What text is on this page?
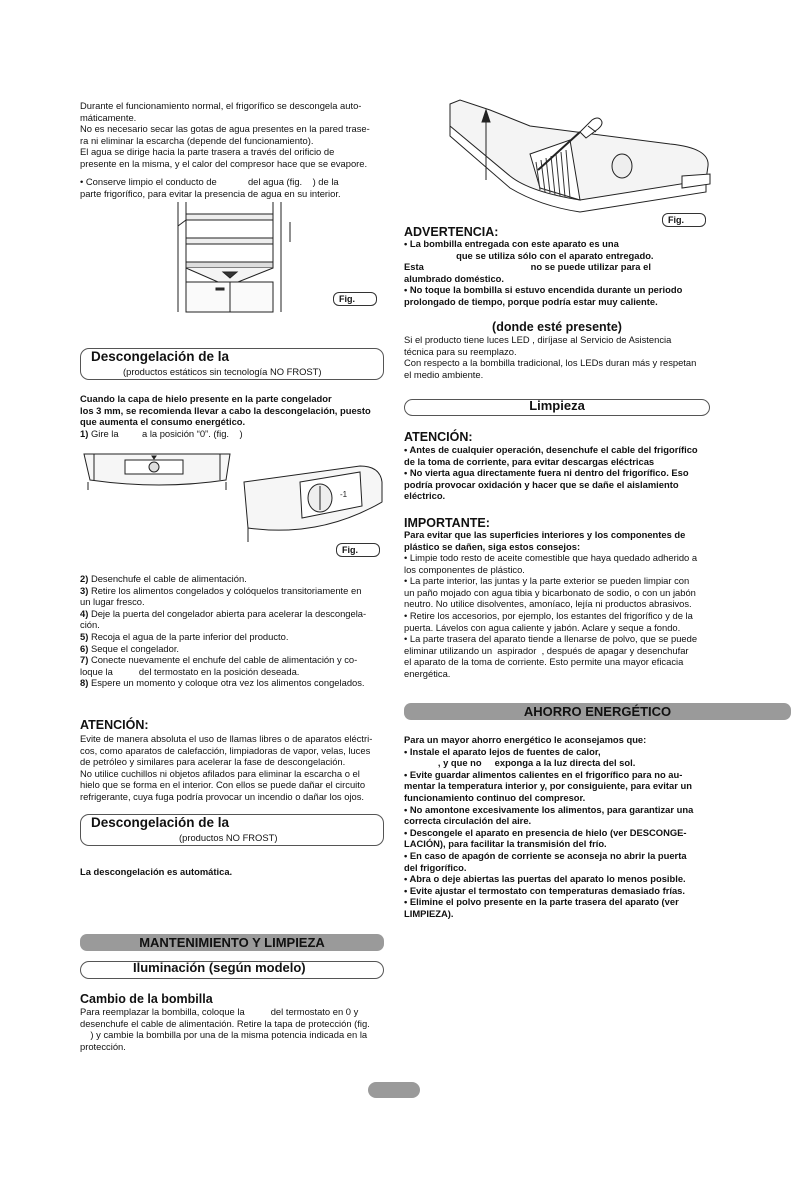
Durante el funcionamiento normal, el frigorífico se descongela auto-

máticamente.

No es necesario secar las gotas de agua presentes en la pared trase-

ra ni eliminar la escarcha (depende del funcionamiento).

El agua se dirige hacia la parte trasera a través del orificio de

presente en la misma, y el calor del compresor hace que se evapore.

• Conserve limpio el conducto de            del agua (fig.    ) de la

parte frigorífico, para evitar la presencia de agua en su interior.

Fig.
Descongelación de la
(productos estáticos sin tecnología NO FROST)

Cuando la capa de hielo presente en la parte congelador

los 3 mm, se recomienda llevar a cabo la descongelación, puesto

que aumenta el consumo energético.

1) Gire la         a la posición “0”. (fig.    )

-1
Fig.

2) Desenchufe el cable de alimentación.

3) Retire los alimentos congelados y colóquelos transitoriamente en

un lugar fresco.

4) Deje la puerta del congelador abierta para acelerar la descongela-

ción.

5) Recoja el agua de la parte inferior del producto.

6) Seque el congelador.

7) Conecte nuevamente el enchufe del cable de alimentación y co-

loque la          del termostato en la posición deseada.

8) Espere un momento y coloque otra vez los alimentos congelados.

ATENCIÓN:

Evite de manera absoluta el uso de llamas libres o de aparatos eléctri-

cos, como aparatos de calefacción, limpiadoras de vapor, velas, luces

de petróleo y similares para acelerar la fase de descongelación.

No utilice cuchillos ni objetos afilados para eliminar la escarcha o el

hielo que se forma en el interior. Con ellos se puede dañar el circuito

refrigerante, cuya fuga podría provocar un incendio o dañar los ojos.

Descongelación de la
(productos NO FROST)
La descongelación es automática.
MANTENIMIENTO Y LIMPIEZA
Iluminación (según modelo)
Cambio de la bombilla

Para reemplazar la bombilla, coloque la          del termostato en 0 y

desenchufe el cable de alimentación. Retire la tapa de protección (fig.

) y cambie la bombilla por una de la misma potencia indicada en la

protección.

Fig.
ADVERTENCIA:

• La bombilla entregada con este aparato es una

que se utiliza sólo con el aparato entregado.

Esta                                         no se puede utilizar para el

alumbrado doméstico.

• No toque la bombilla si estuvo encendida durante un periodo

prolongado de tiempo, porque podría estar muy caliente.

(donde esté presente)

Si el producto tiene luces LED , diríjase al Servicio de Asistencia

técnica para su reemplazo.

Con respecto a la bombilla tradicional, los LEDs duran más y respetan

el medio ambiente.

Limpieza
ATENCIÓN:

• Antes de cualquier operación, desenchufe el cable del frigorífico

de la toma de corriente, para evitar descargas eléctricas

• No vierta agua directamente fuera ni dentro del frigorífico. Eso

podría provocar oxidación y hacer que se dañe el aislamiento

eléctrico.

IMPORTANTE:

Para evitar que las superficies interiores y los componentes de

plástico se dañen, siga estos consejos:

• Limpie todo resto de aceite comestible que haya quedado adherido a

los componentes de plástico.

• La parte interior, las juntas y la parte exterior se pueden limpiar con

un paño mojado con agua tibia y bicarbonato de sodio, o con un jabón

neutro. No utilice disolventes, amoníaco, lejía ni productos abrasivos.

• Retire los accesorios, por ejemplo, los estantes del frigorífico y de la

puerta. Lávelos con agua caliente y jabón. Aclare y seque a fondo.

• La parte trasera del aparato tiende a llenarse de polvo, que se puede

eliminar utilizando un  aspirador  , después de apagar y desenchufar

el aparato de la toma de corriente. Esto permite una mayor eficacia

energética.

AHORRO ENERGÉTICO

Para un mayor ahorro energético le aconsejamos que:

• Instale el aparato lejos de fuentes de calor,

, y que no     exponga a la luz directa del sol.

• Evite guardar alimentos calientes en el frigorífico para no au-

mentar la temperatura interior y, por consiguiente, para evitar un

funcionamiento continuo del compresor.

• No amontone excesivamente los alimentos, para garantizar una

correcta circulación del aire.

• Descongele el aparato en presencia de hielo (ver DESCONGE-

LACIÓN), para facilitar la transmisión del frío.

• En caso de apagón de corriente se aconseja no abrir la puerta

del frigorífico.

• Abra o deje abiertas las puertas del aparato lo menos posible.

• Evite ajustar el termostato con temperaturas demasiado frías.

• Elimine el polvo presente en la parte trasera del aparato (ver

LIMPIEZA).
